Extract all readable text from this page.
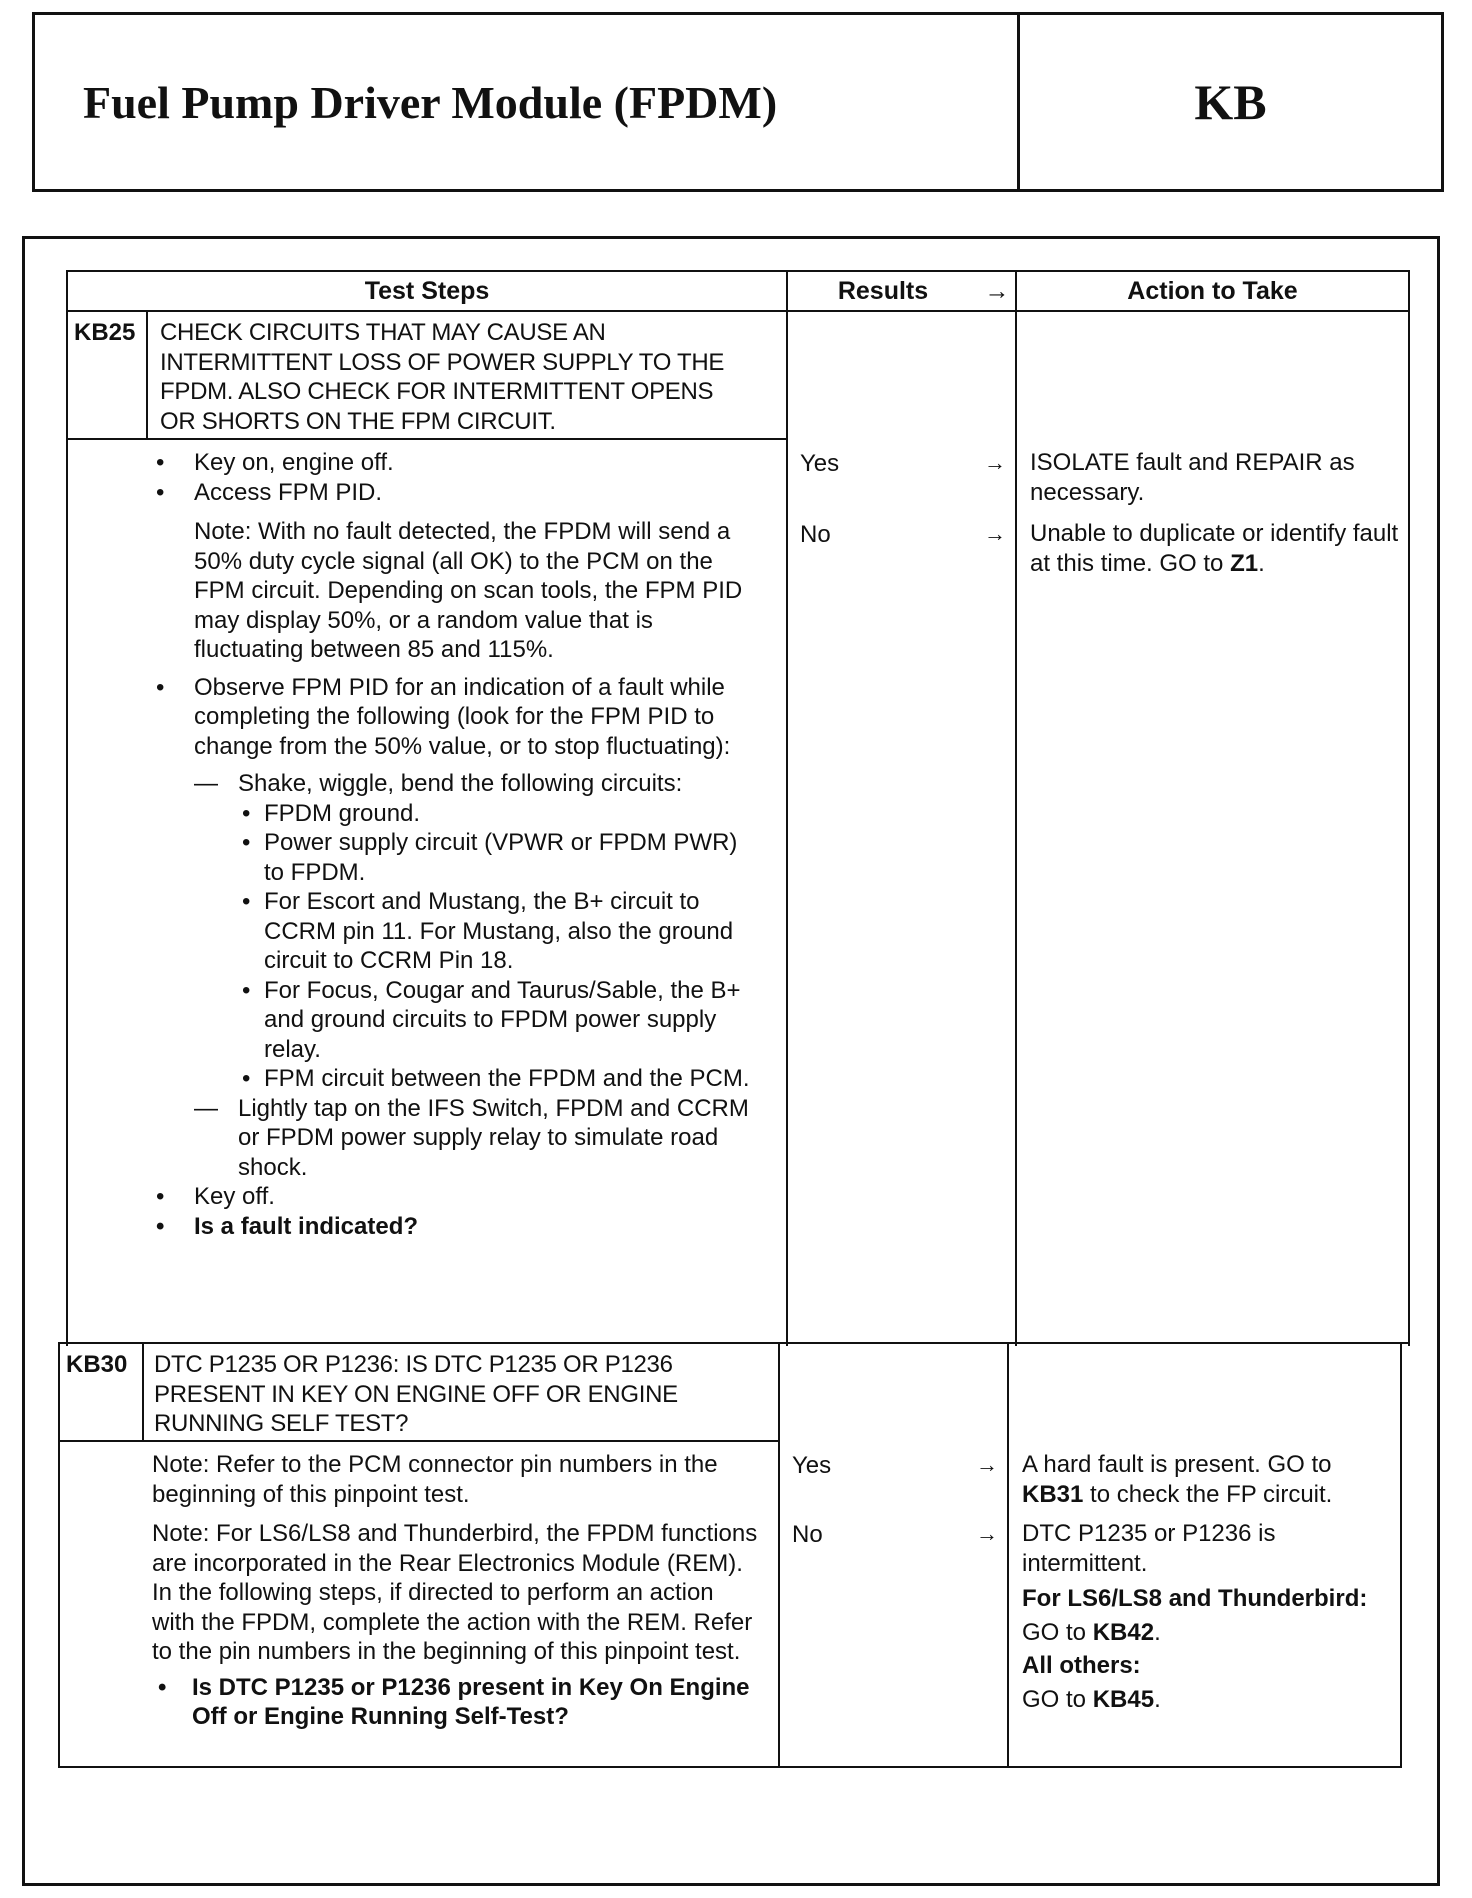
Fuel Pump Driver Module (FPDM)	KB
Test Steps	Results	→	Action to Take
KB25 CHECK CIRCUITS THAT MAY CAUSE AN INTERMITTENT LOSS OF POWER SUPPLY TO THE FPDM. ALSO CHECK FOR INTERMITTENT OPENS OR SHORTS ON THE FPM CIRCUIT.
• Key on, engine off.
• Access FPM PID.
Note: With no fault detected, the FPDM will send a 50% duty cycle signal (all OK) to the PCM on the FPM circuit. Depending on scan tools, the FPM PID may display 50%, or a random value that is fluctuating between 85 and 115%.
• Observe FPM PID for an indication of a fault while completing the following (look for the FPM PID to change from the 50% value, or to stop fluctuating):
— Shake, wiggle, bend the following circuits:
• FPDM ground.
• Power supply circuit (VPWR or FPDM PWR) to FPDM.
• For Escort and Mustang, the B+ circuit to CCRM pin 11. For Mustang, also the ground circuit to CCRM Pin 18.
• For Focus, Cougar and Taurus/Sable, the B+ and ground circuits to FPDM power supply relay.
• FPM circuit between the FPDM and the PCM.
— Lightly tap on the IFS Switch, FPDM and CCRM or FPDM power supply relay to simulate road shock.
• Key off.
• Is a fault indicated?
Yes	→ ISOLATE fault and REPAIR as necessary.
No	→ Unable to duplicate or identify fault at this time. GO to Z1.
KB30 DTC P1235 OR P1236: IS DTC P1235 OR P1236 PRESENT IN KEY ON ENGINE OFF OR ENGINE RUNNING SELF TEST?
Note: Refer to the PCM connector pin numbers in the beginning of this pinpoint test.
Note: For LS6/LS8 and Thunderbird, the FPDM functions are incorporated in the Rear Electronics Module (REM). In the following steps, if directed to perform an action with the FPDM, complete the action with the REM. Refer to the pin numbers in the beginning of this pinpoint test.
• Is DTC P1235 or P1236 present in Key On Engine Off or Engine Running Self-Test?
Yes	→ A hard fault is present. GO to KB31 to check the FP circuit.
No	→ DTC P1235 or P1236 is intermittent.
For LS6/LS8 and Thunderbird:
GO to KB42.
All others:
GO to KB45.
